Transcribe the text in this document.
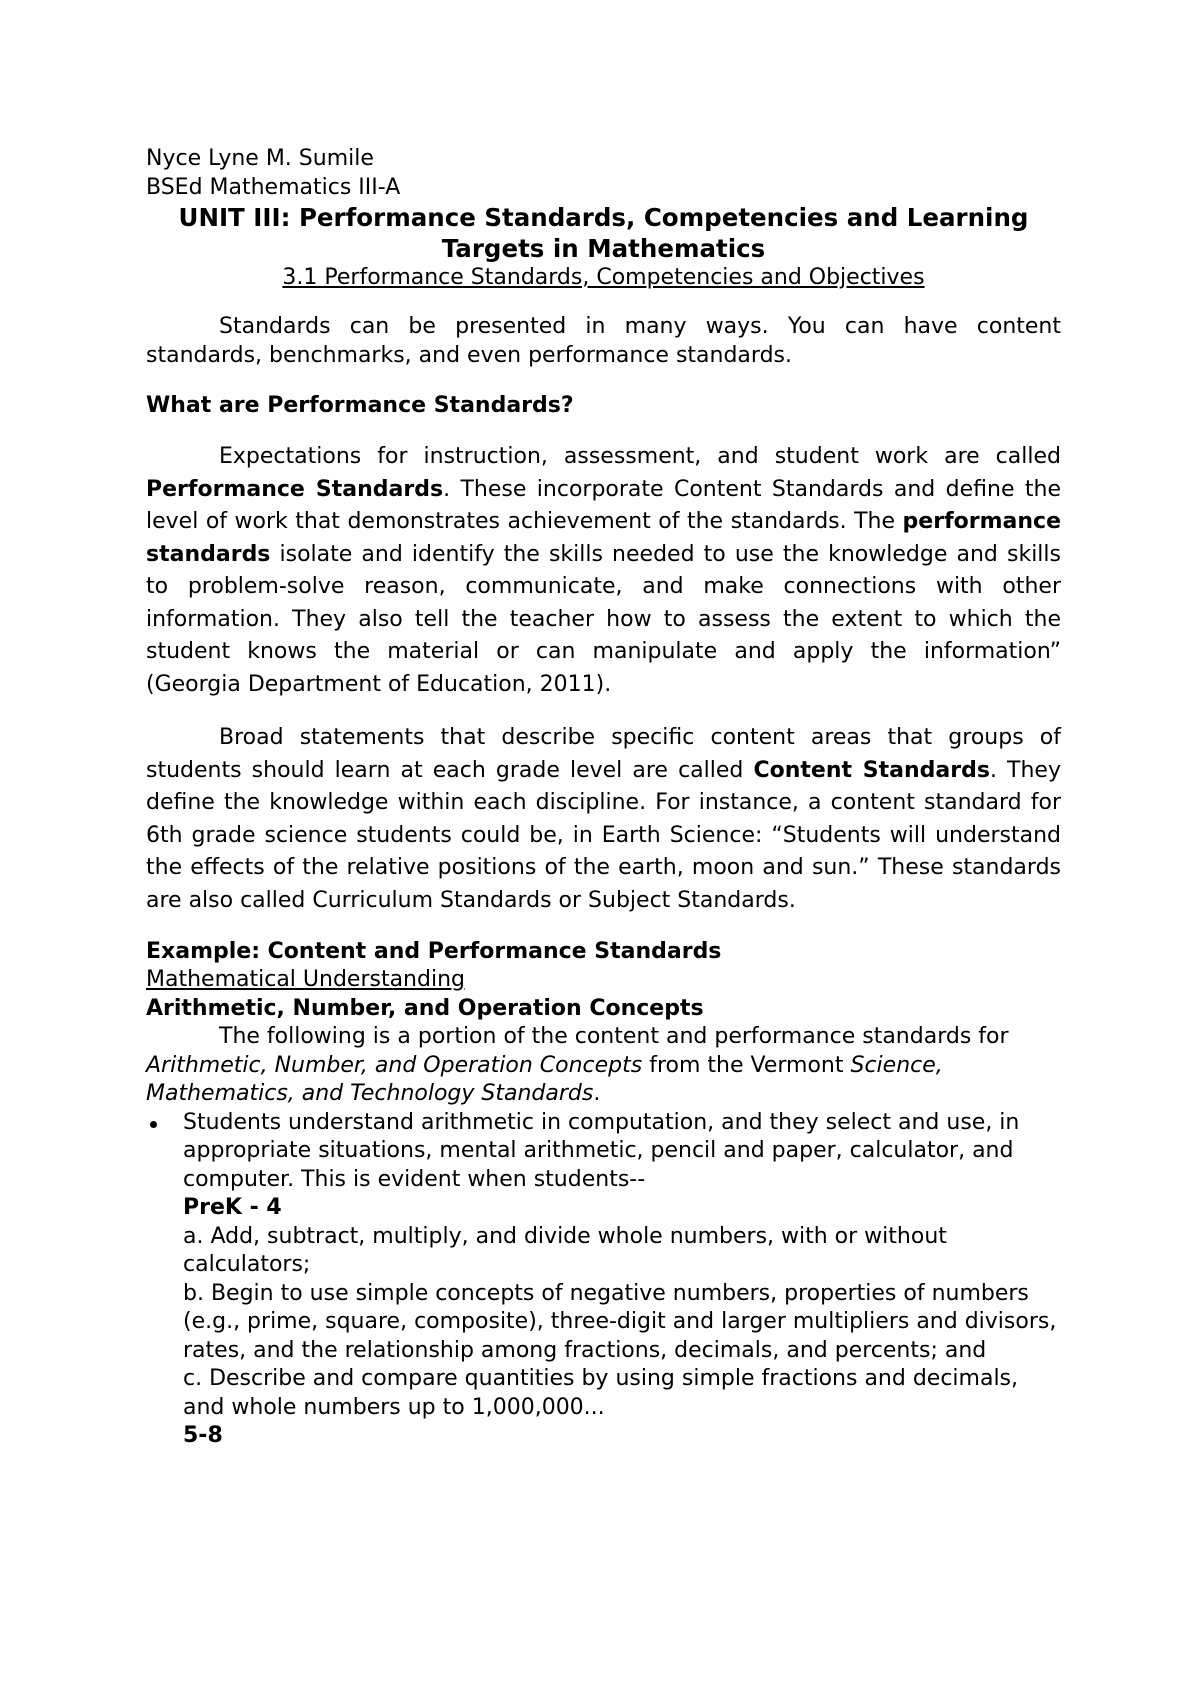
Nyce Lyne M. Sumile
BSEd Mathematics III-A
UNIT III: Performance Standards, Competencies and Learning
Targets in Mathematics
3.1 Performance Standards, Competencies and Objectives

Standards can be presented in many ways. You can have content standards, benchmarks, and even performance standards.

What are Performance Standards?

Expectations for instruction, assessment, and student work are called Performance Standards. These incorporate Content Standards and define the level of work that demonstrates achievement of the standards. The performance standards isolate and identify the skills needed to use the knowledge and skills to problem-solve reason, communicate, and make connections with other information. They also tell the teacher how to assess the extent to which the student knows the material or can manipulate and apply the information” (Georgia Department of Education, 2011).

Broad statements that describe specific content areas that groups of students should learn at each grade level are called Content Standards. They define the knowledge within each discipline. For instance, a content standard for 6th grade science students could be, in Earth Science: “Students will understand the effects of the relative positions of the earth, moon and sun.” These standards are also called Curriculum Standards or Subject Standards.

Example: Content and Performance Standards
Mathematical Understanding
Arithmetic, Number, and Operation Concepts

The following is a portion of the content and performance standards for Arithmetic, Number, and Operation Concepts from the Vermont Science, Mathematics, and Technology Standards.

Students understand arithmetic in computation, and they select and use, in appropriate situations, mental arithmetic, pencil and paper, calculator, and computer. This is evident when students--
PreK - 4
a. Add, subtract, multiply, and divide whole numbers, with or without calculators;
b. Begin to use simple concepts of negative numbers, properties of numbers (e.g., prime, square, composite), three-digit and larger multipliers and divisors, rates, and the relationship among fractions, decimals, and percents; and
c. Describe and compare quantities by using simple fractions and decimals, and whole numbers up to 1,000,000...
5-8
